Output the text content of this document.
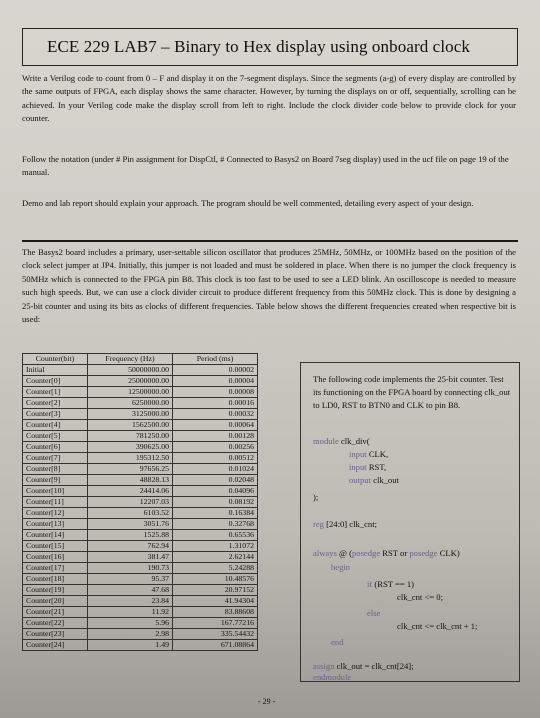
ECE 229 LAB7 – Binary to Hex display using onboard clock
Write a Verilog code to count from 0 – F and display it on the 7-segment displays. Since the segments (a-g) of every display are controlled by the same outputs of FPGA, each display shows the same character. However, by turning the displays on or off, sequentially, scrolling can be achieved. In your Verilog code make the display scroll from left to right. Include the clock divider code below to provide clock for your counter.
Follow the notation (under # Pin assignment for DispCtl, # Connected to Basys2 on Board 7seg display) used in the ucf file on page 19 of the manual.
Demo and lab report should explain your approach. The program should be well commented, detailing every aspect of your design.
The Basys2 board includes a primary, user-settable silicon oscillator that produces 25MHz, 50MHz, or 100MHz based on the position of the clock select jumper at JP4. Initially, this jumper is not loaded and must be soldered in place. When there is no jumper the clock frequency is 50MHz which is connected to the FPGA pin B8. This clock is too fast to be used to see a LED blink. An oscilloscope is needed to measure such high speeds. But, we can use a clock divider circuit to produce different frequency from this 50MHz clock. This is done by designing a 25-bit counter and using its bits as clocks of different frequencies. Table below shows the different frequencies created when respective bit is used:
Counter(bit)	Frequency (Hz)	Period (ms)
Initial	50000000.00	0.00002
Counter[0]	25000000.00	0.00004
Counter[1]	12500000.00	0.00008
Counter[2]	6250000.00	0.00016
Counter[3]	3125000.00	0.00032
Counter[4]	1562500.00	0.00064
Counter[5]	781250.00	0.00128
Counter[6]	390625.00	0.00256
Counter[7]	195312.50	0.00512
Counter[8]	97656.25	0.01024
Counter[9]	48828.13	0.02048
Counter[10]	24414.06	0.04096
Counter[11]	12207.03	0.08192
Counter[12]	6103.52	0.16384
Counter[13]	3051.76	0.32768
Counter[14]	1525.88	0.65536
Counter[15]	762.94	1.31072
Counter[16]	381.47	2.62144
Counter[17]	190.73	5.24288
Counter[18]	95.37	10.48576
Counter[19]	47.68	20.97152
Counter[20]	23.84	41.94304
Counter[21]	11.92	83.88608
Counter[22]	5.96	167.77216
Counter[23]	2.98	335.54432
Counter[24]	1.49	671.08864
The following code implements the 25-bit counter. Test its functioning on the FPGA board by connecting clk_out to LD0, RST to BTN0 and CLK to pin B8.
module clk_div(
input CLK,
input RST,
output clk_out
);
reg [24:0] clk_cnt;
always @ (posedge RST or posedge CLK)
begin
if (RST == 1)
clk_cnt <= 0;
else
clk_cnt <= clk_cnt + 1;
end
assign clk_out = clk_cnt[24];
endmodule
- 29 -
